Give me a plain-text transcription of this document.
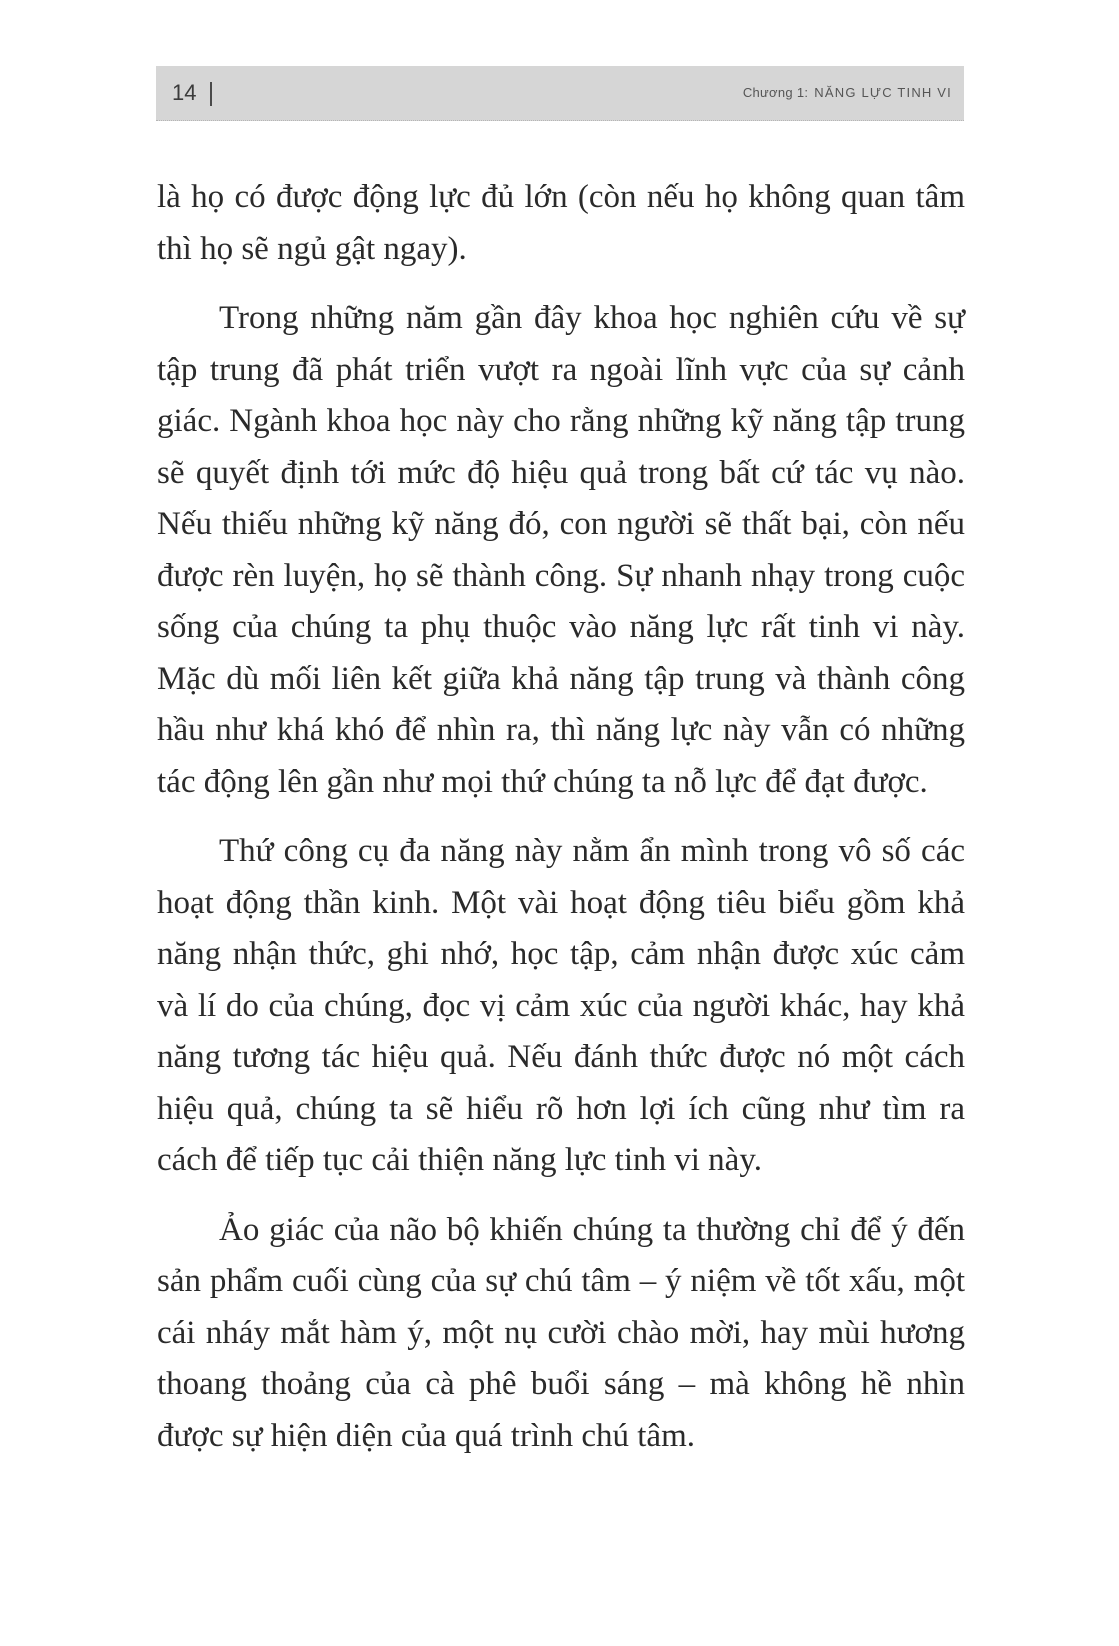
14	Chương 1: NĂNG LỰC TINH VI

là họ có được động lực đủ lớn (còn nếu họ không quan tâm thì họ sẽ ngủ gật ngay).

Trong những năm gần đây khoa học nghiên cứu về sự tập trung đã phát triển vượt ra ngoài lĩnh vực của sự cảnh giác. Ngành khoa học này cho rằng những kỹ năng tập trung sẽ quyết định tới mức độ hiệu quả trong bất cứ tác vụ nào. Nếu thiếu những kỹ năng đó, con người sẽ thất bại, còn nếu được rèn luyện, họ sẽ thành công. Sự nhanh nhạy trong cuộc sống của chúng ta phụ thuộc vào năng lực rất tinh vi này. Mặc dù mối liên kết giữa khả năng tập trung và thành công hầu như khá khó để nhìn ra, thì năng lực này vẫn có những tác động lên gần như mọi thứ chúng ta nỗ lực để đạt được.

Thứ công cụ đa năng này nằm ẩn mình trong vô số các hoạt động thần kinh. Một vài hoạt động tiêu biểu gồm khả năng nhận thức, ghi nhớ, học tập, cảm nhận được xúc cảm và lí do của chúng, đọc vị cảm xúc của người khác, hay khả năng tương tác hiệu quả. Nếu đánh thức được nó một cách hiệu quả, chúng ta sẽ hiểu rõ hơn lợi ích cũng như tìm ra cách để tiếp tục cải thiện năng lực tinh vi này.

Ảo giác của não bộ khiến chúng ta thường chỉ để ý đến sản phẩm cuối cùng của sự chú tâm – ý niệm về tốt xấu, một cái nháy mắt hàm ý, một nụ cười chào mời, hay mùi hương thoang thoảng của cà phê buổi sáng – mà không hề nhìn được sự hiện diện của quá trình chú tâm.
